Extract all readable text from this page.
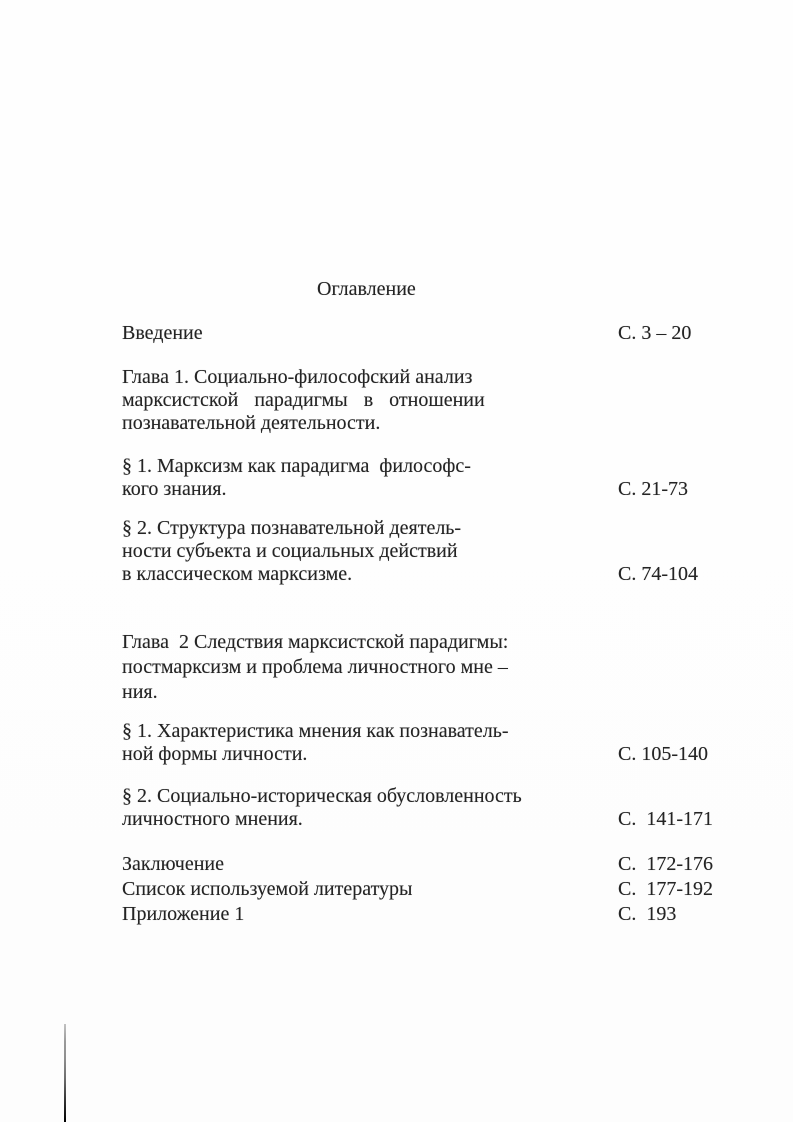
Оглавление
Введение	С. 3 – 20
Глава 1. Социально-философский анализ
марксистской парадигмы в отношении
познавательной деятельности.
§ 1. Марксизм как парадигма  философс-
кого знания.	С. 21-73
§ 2. Структура познавательной деятель-
ности субъекта и социальных действий
в классическом марксизме.	С. 74-104
Глава  2 Следствия марксистской парадигмы:
постмарксизм и проблема личностного мне –
ния.
§ 1. Характеристика мнения как познаватель-
ной формы личности.	С. 105-140
§ 2. Социально-историческая обусловленность
личностного мнения.	С.  141-171
Заключение	С.  172-176
Список используемой литературы	С.  177-192
Приложение 1	С.  193
